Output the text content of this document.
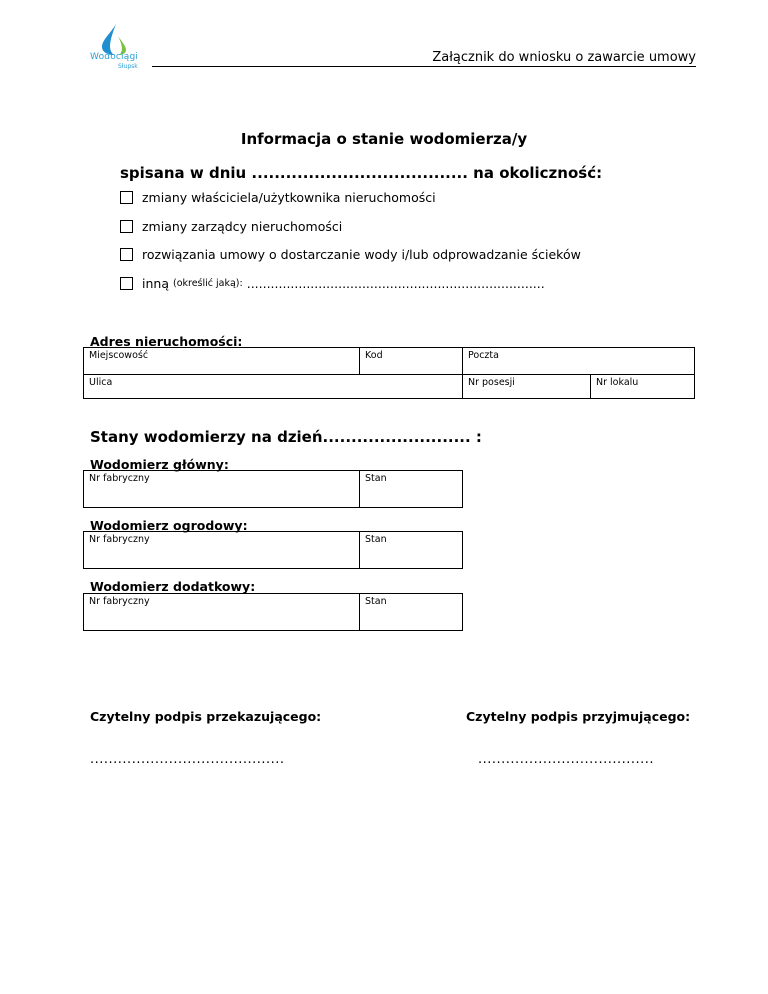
Wodociągi
Słupsk
Załącznik do wniosku o zawarcie umowy
Informacja o stanie wodomierza/y
spisana w dniu ...................................... na okoliczność:
zmiany właściciela/użytkownika nieruchomości
zmiany zarządcy nieruchomości
rozwiązania umowy o dostarczanie wody i/lub odprowadzanie ścieków
inną (określić jaką): ...........................................................................
Adres nieruchomości:
Miejscowość	Kod	Poczta	
Ulica		Nr posesji	Nr lokalu
Stany wodomierzy na dzień.......................... :
Wodomierz główny:
Nr fabryczny	Stan
Wodomierz ogrodowy:
Nr fabryczny	Stan
Wodomierz dodatkowy:
Nr fabryczny	Stan
Czytelny podpis przekazującego:
..........................................
Czytelny podpis przyjmującego:
......................................
